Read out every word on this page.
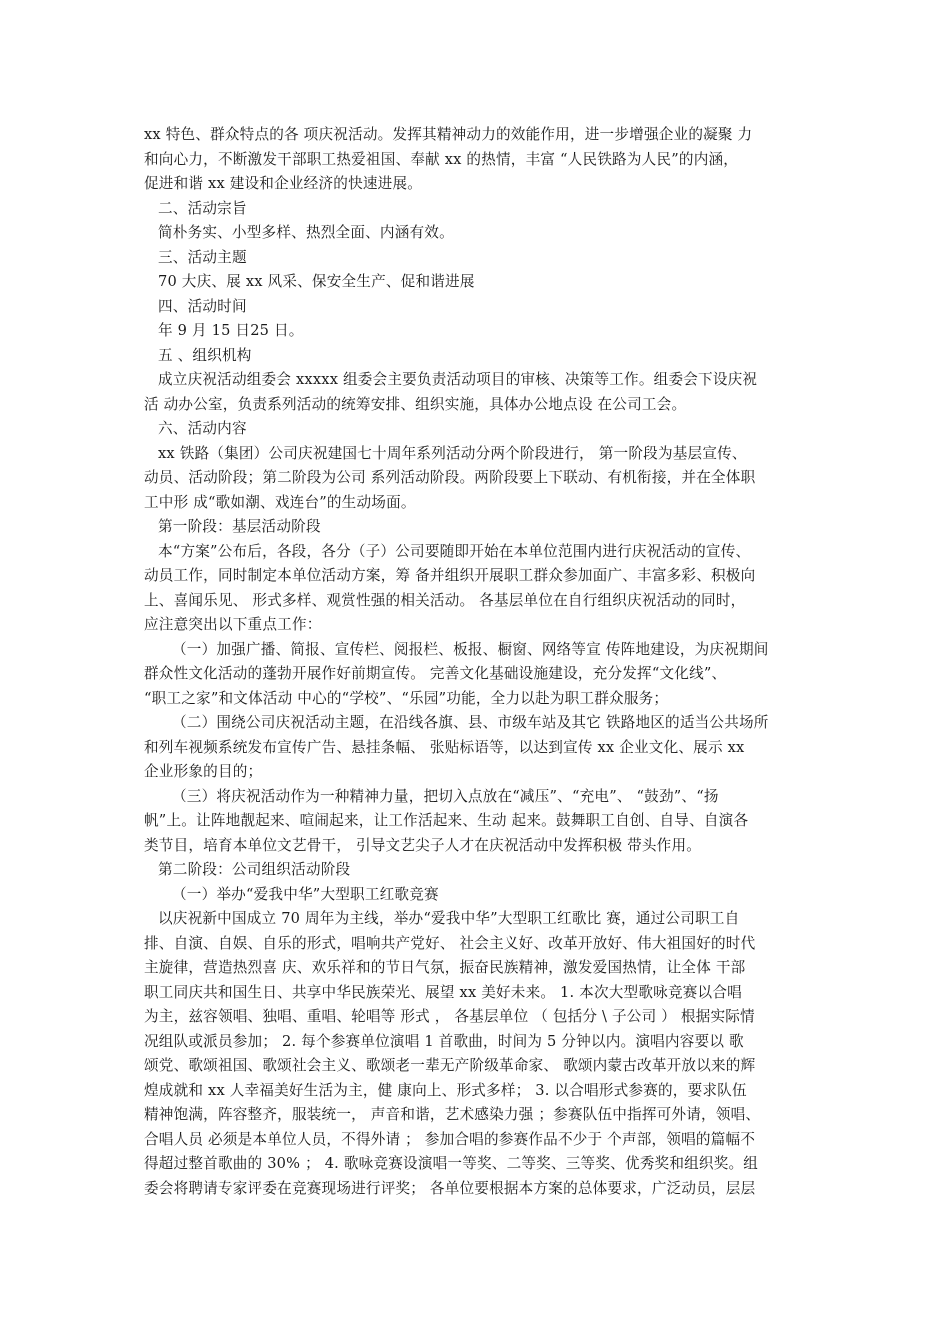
xx 特色、群众特点的各 项庆祝活动。发挥其精神动力的效能作用，进一步增强企业的凝聚 力
和向心力，不断激发干部职工热爱祖国、奉献 xx 的热情，丰富 “人民铁路为人民”的内涵，
促进和谐 xx 建设和企业经济的快速进展。
二、活动宗旨
简朴务实、小型多样、热烈全面、内涵有效。
三、活动主题
70 大庆、展 xx 风采、保安全生产、促和谐进展
四、活动时间
年 9 月 15 日25 日。
五 、组织机构
成立庆祝活动组委会 xxxxx 组委会主要负责活动项目的审核、决策等工作。组委会下设庆祝
活 动办公室，负责系列活动的统筹安排、组织实施，具体办公地点设 在公司工会。
六、活动内容
xx 铁路（集团）公司庆祝建国七十周年系列活动分两个阶段进行， 第一阶段为基层宣传、
动员、活动阶段；第二阶段为公司 系列活动阶段。两阶段要上下联动、有机衔接，并在全体职
工中形 成“歌如潮、戏连台”的生动场面。
第一阶段：基层活动阶段
本“方案”公布后，各段，各分（子）公司要随即开始在本单位范围内进行庆祝活动的宣传、
动员工作，同时制定本单位活动方案，筹 备并组织开展职工群众参加面广、丰富多彩、积极向
上、喜闻乐见、 形式多样、观赏性强的相关活动。 各基层单位在自行组织庆祝活动的同时，
应注意突出以下重点工作：
（一）加强广播、简报、宣传栏、阅报栏、板报、橱窗、网络等宣 传阵地建设，为庆祝期间
群众性文化活动的蓬勃开展作好前期宣传。 完善文化基础设施建设，充分发挥“文化线”、
“职工之家”和文体活动 中心的“学校”、“乐园”功能，全力以赴为职工群众服务；
（二）围绕公司庆祝活动主题，在沿线各旗、县、市级车站及其它 铁路地区的适当公共场所
和列车视频系统发布宣传广告、悬挂条幅、 张贴标语等，以达到宣传 xx 企业文化、展示 xx
企业形象的目的；
（三）将庆祝活动作为一种精神力量，把切入点放在“减压”、“充电”、 “鼓劲”、“扬
帆”上。让阵地靓起来、喧闹起来，让工作活起来、生动 起来。鼓舞职工自创、自导、自演各
类节目，培育本单位文艺骨干， 引导文艺尖子人才在庆祝活动中发挥积极 带头作用。
第二阶段：公司组织活动阶段
（一）举办“爱我中华”大型职工红歌竞赛
以庆祝新中国成立 70 周年为主线，举办“爱我中华”大型职工红歌比 赛，通过公司职工自
排、自演、自娱、自乐的形式，唱响共产党好、 社会主义好、改革开放好、伟大祖国好的时代
主旋律，营造热烈喜 庆、欢乐祥和的节日气氛，振奋民族精神，激发爱国热情，让全体 干部
职工同庆共和国生日、共享中华民族荣光、展望 xx 美好未来。 1. 本次大型歌咏竞赛以合唱
为主，兹容领唱、独唱、重唱、轮唱等 形式 ， 各基层单位 （ 包括分 \ 子公司 ） 根据实际情
况组队或派员参加； 2. 每个参赛单位演唱 1 首歌曲，时间为 5 分钟以内。演唱内容要以 歌
颂党、歌颂祖国、歌颂社会主义、歌颂老一辈无产阶级革命家、 歌颂内蒙古改革开放以来的辉
煌成就和 xx 人幸福美好生活为主，健 康向上、形式多样； 3. 以合唱形式参赛的，要求队伍
精神饱满，阵容整齐，服装统一， 声音和谐，艺术感染力强 ；参赛队伍中指挥可外请，领唱、
合唱人员 必须是本单位人员，不得外请 ； 参加合唱的参赛作品不少于 个声部，领唱的篇幅不
得超过整首歌曲的 30% ； 4. 歌咏竞赛设演唱一等奖、二等奖、三等奖、优秀奖和组织奖。组
委会将聘请专家评委在竞赛现场进行评奖； 各单位要根据本方案的总体要求，广泛动员，层层
